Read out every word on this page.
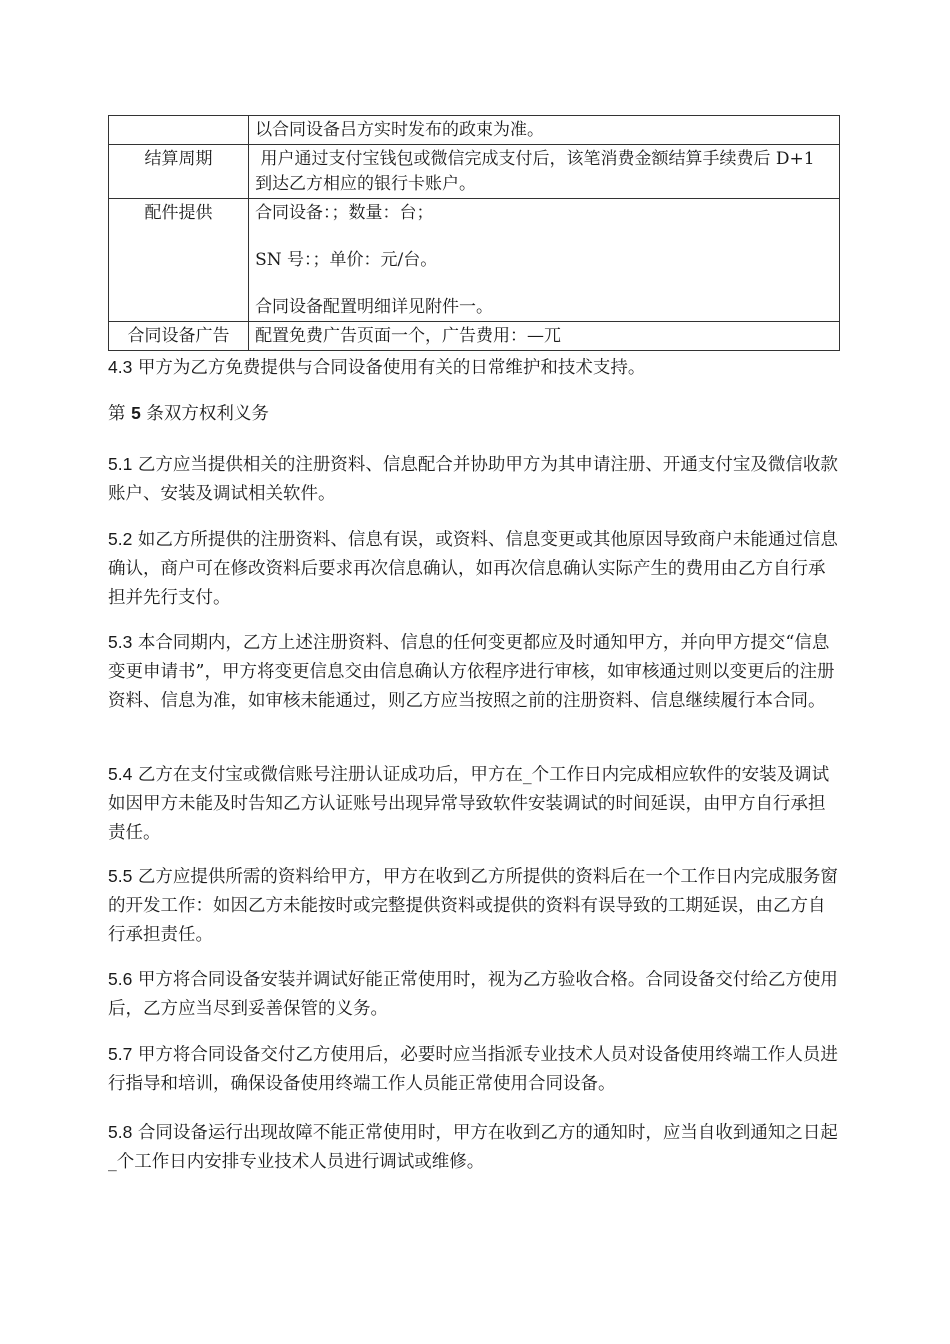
	以合同设备吕方实时发布的政束为准。

结算周期	用户通过支付宝钱包或微信完成支付后，该笔消费金额结算手续费后 D+1 到达乙方相应的银行卡账户。

配件提供	合同设备：；数量：台；
SN 号：；单价：元/台。
合同设备配置明细详见附件一。

合同设备广告	配置免费广告页面一个，广告费用：—兀

4.3 甲方为乙方免费提供与合同设备使用有关的日常维护和技术支持。

第 5 条双方权利义务

5.1 乙方应当提供相关的注册资料、信息配合并协助甲方为其申请注册、开通支付宝及微信收款账户、安装及调试相关软件。

5.2 如乙方所提供的注册资料、信息有误，或资料、信息变更或其他原因导致商户未能通过信息确认，商户可在修改资料后要求再次信息确认，如再次信息确认实际产生的费用由乙方自行承担并先行支付。

5.3 本合同期内，乙方上述注册资料、信息的任何变更都应及时通知甲方，并向甲方提交“信息变更申请书”，甲方将变更信息交由信息确认方依程序进行审核，如审核通过则以变更后的注册资料、信息为准，如审核未能通过，则乙方应当按照之前的注册资料、信息继续履行本合同。

5.4 乙方在支付宝或微信账号注册认证成功后，甲方在_个工作日内完成相应软件的安装及调试如因甲方未能及时告知乙方认证账号出现异常导致软件安装调试的时间延误，由甲方自行承担责任。

5.5 乙方应提供所需的资料给甲方，甲方在收到乙方所提供的资料后在一个工作日内完成服务窗的开发工作：如因乙方未能按时或完整提供资料或提供的资料有误导致的工期延误，由乙方自行承担责任。

5.6 甲方将合同设备安装并调试好能正常使用时，视为乙方验收合格。合同设备交付给乙方使用后，乙方应当尽到妥善保管的义务。

5.7 甲方将合同设备交付乙方使用后，必要时应当指派专业技术人员对设备使用终端工作人员进行指导和培训，确保设备使用终端工作人员能正常使用合同设备。

5.8 合同设备运行出现故障不能正常使用时，甲方在收到乙方的通知时，应当自收到通知之日起_个工作日内安排专业技术人员进行调试或维修。
